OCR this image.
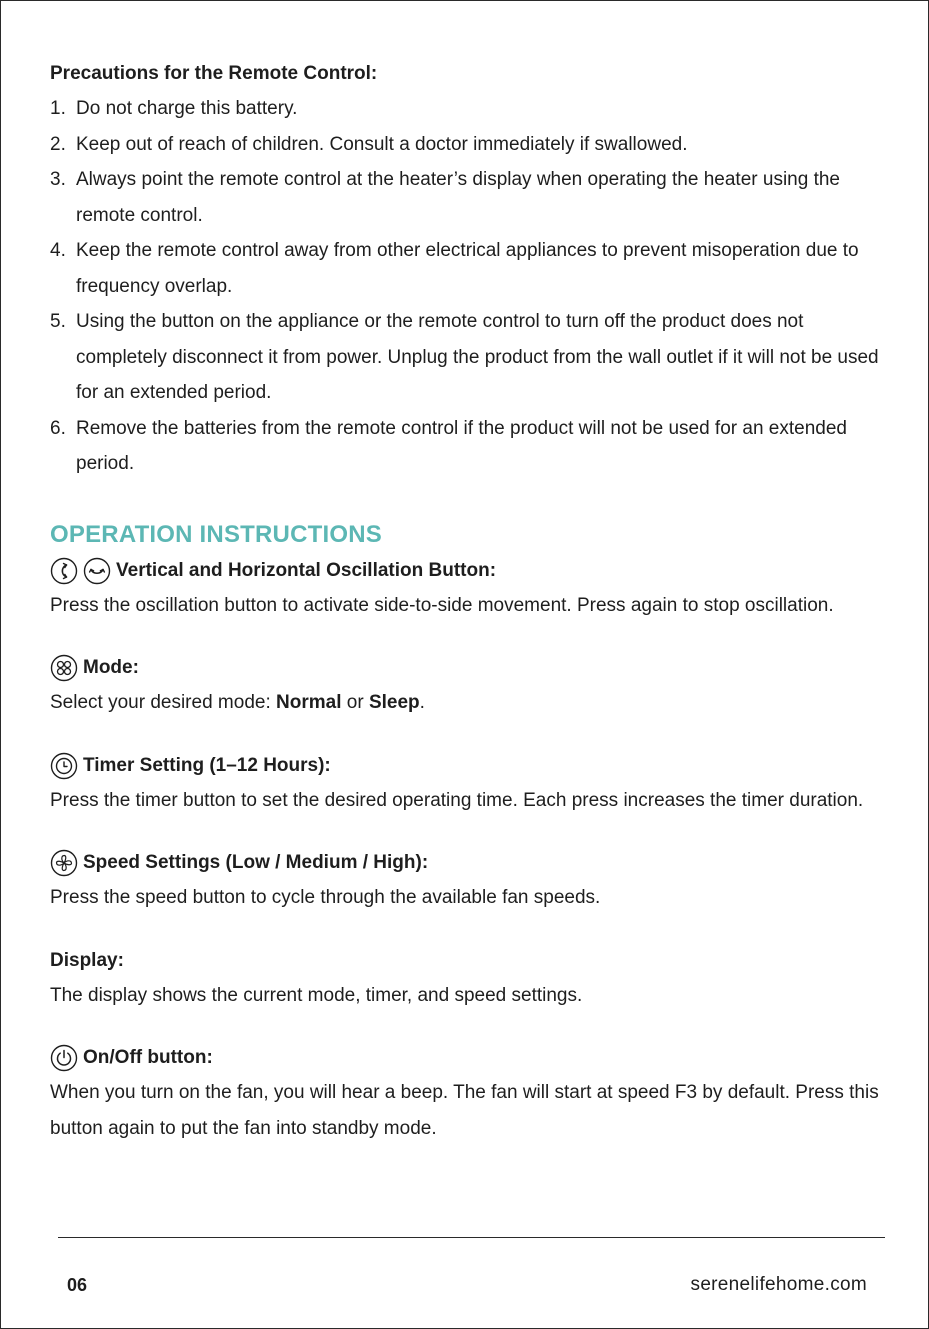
Precautions for the Remote Control:

1. Do not charge this battery.
2. Keep out of reach of children. Consult a doctor immediately if swallowed.
3. Always point the remote control at the heater’s display when operating the heater using the remote control.
4. Keep the remote control away from other electrical appliances to prevent misoperation due to frequency overlap.
5. Using the button on the appliance or the remote control to turn off the product does not completely disconnect it from power. Unplug the product from the wall outlet if it will not be used for an extended period.
6. Remove the batteries from the remote control if the product will not be used for an extended period.
OPERATION INSTRUCTIONS
Vertical and Horizontal Oscillation Button:
Press the oscillation button to activate side-to-side movement. Press again to stop oscillation.
Mode:
Select your desired mode: Normal or Sleep.
Timer Setting (1–12 Hours):
Press the timer button to set the desired operating time. Each press increases the timer duration.
Speed Settings (Low / Medium / High):
Press the speed button to cycle through the available fan speeds.
Display:
The display shows the current mode, timer, and speed settings.
On/Off button:
When you turn on the fan, you will hear a beep. The fan will start at speed F3 by default. Press this button again to put the fan into standby mode.
06	serenelifehome.com
